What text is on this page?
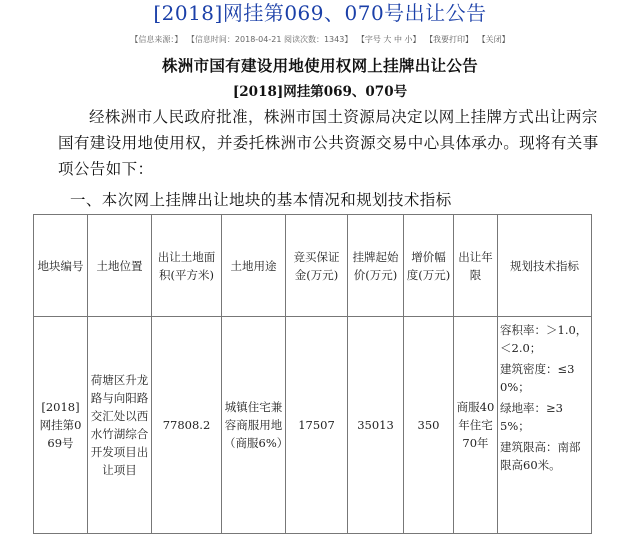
[2018]网挂第069、070号出让公告
【信息来源：】 【信息时间：2018-04-21 阅读次数：1343】 【字号 大 中 小】 【我要打印】 【关闭】
株洲市国有建设用地使用权网上挂牌出让公告
[2018]网挂第069、070号
经株洲市人民政府批准，株洲市国土资源局决定以网上挂牌方式出让两宗国有建设用地使用权，并委托株洲市公共资源交易中心具体承办。现将有关事项公告如下：
一、本次网上挂牌出让地块的基本情况和规划技术指标
地块编号	土地位置	出让土地面积(平方米)	土地用途	竞买保证金(万元)	挂牌起始价(万元)	增价幅度(万元)	出让年限	规划技术指标
[2018]网挂第069号	荷塘区升龙路与向阳路交汇处以西水竹湖综合开发项目出让项目	77808.2	城镇住宅兼容商服用地（商服6%）	17507	35013	350	商服40年住宅70年	容积率：＞1.0，＜2.0；
建筑密度：≤30%；
绿地率：≥35%；
建筑限高：南部限高60米。
